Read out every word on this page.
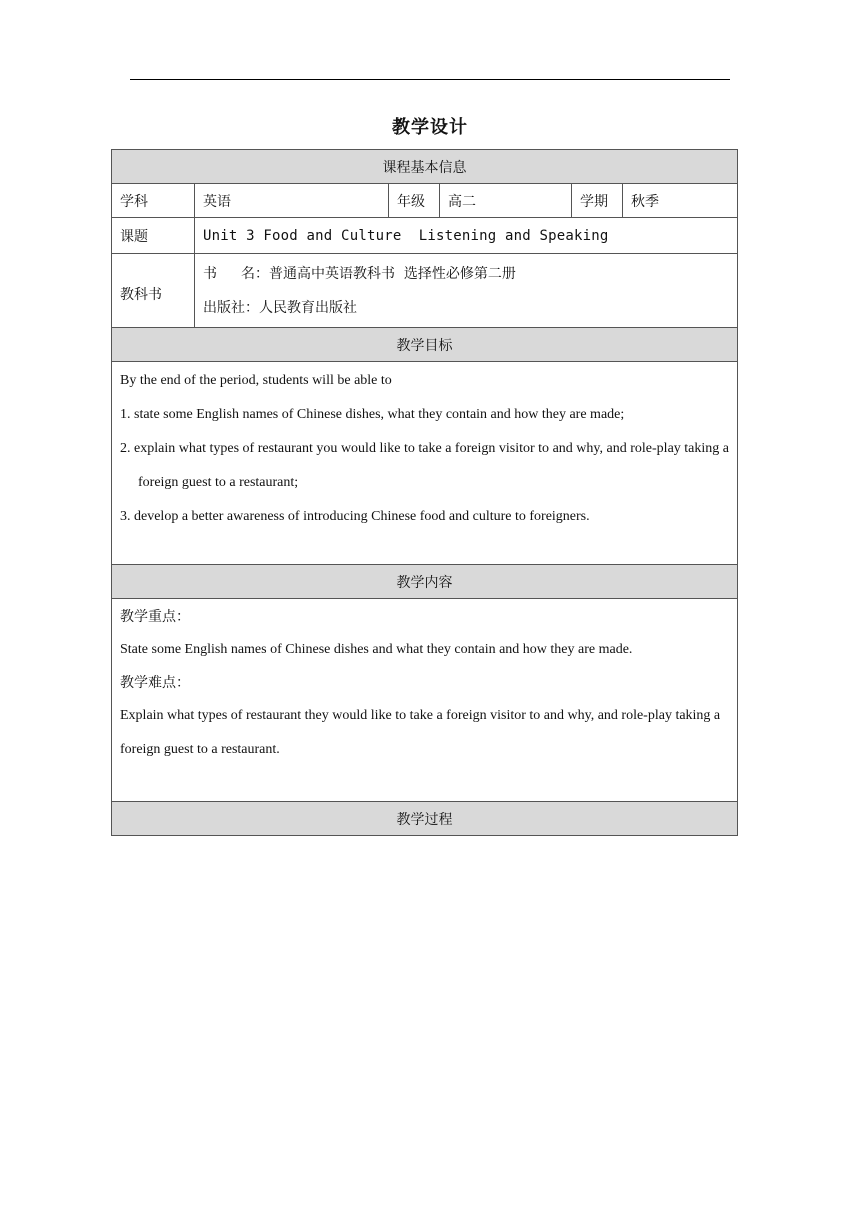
教学设计
课程基本信息					
学科	英语	年级	高二	学期	秋季
课题	Unit 3 Food and Culture  Listening and Speaking				
教科书	书 名：普通高中英语教科书  选择性必修第二册
出版社：人民教育出版社				

教学目标					

By the end of the period, students will be able to
1. state some English names of Chinese dishes, what they contain and how they are made;
2. explain what types of restaurant you would like to take a foreign visitor to and why, and role-play taking a foreign guest to a restaurant;
3. develop a better awareness of introducing Chinese food and culture to foreigners.					

教学内容					

教学重点：
State some English names of Chinese dishes and what they contain and how they are made.
教学难点：
Explain what types of restaurant they would like to take a foreign visitor to and why, and role-play taking a foreign guest to a restaurant.					

教学过程					
